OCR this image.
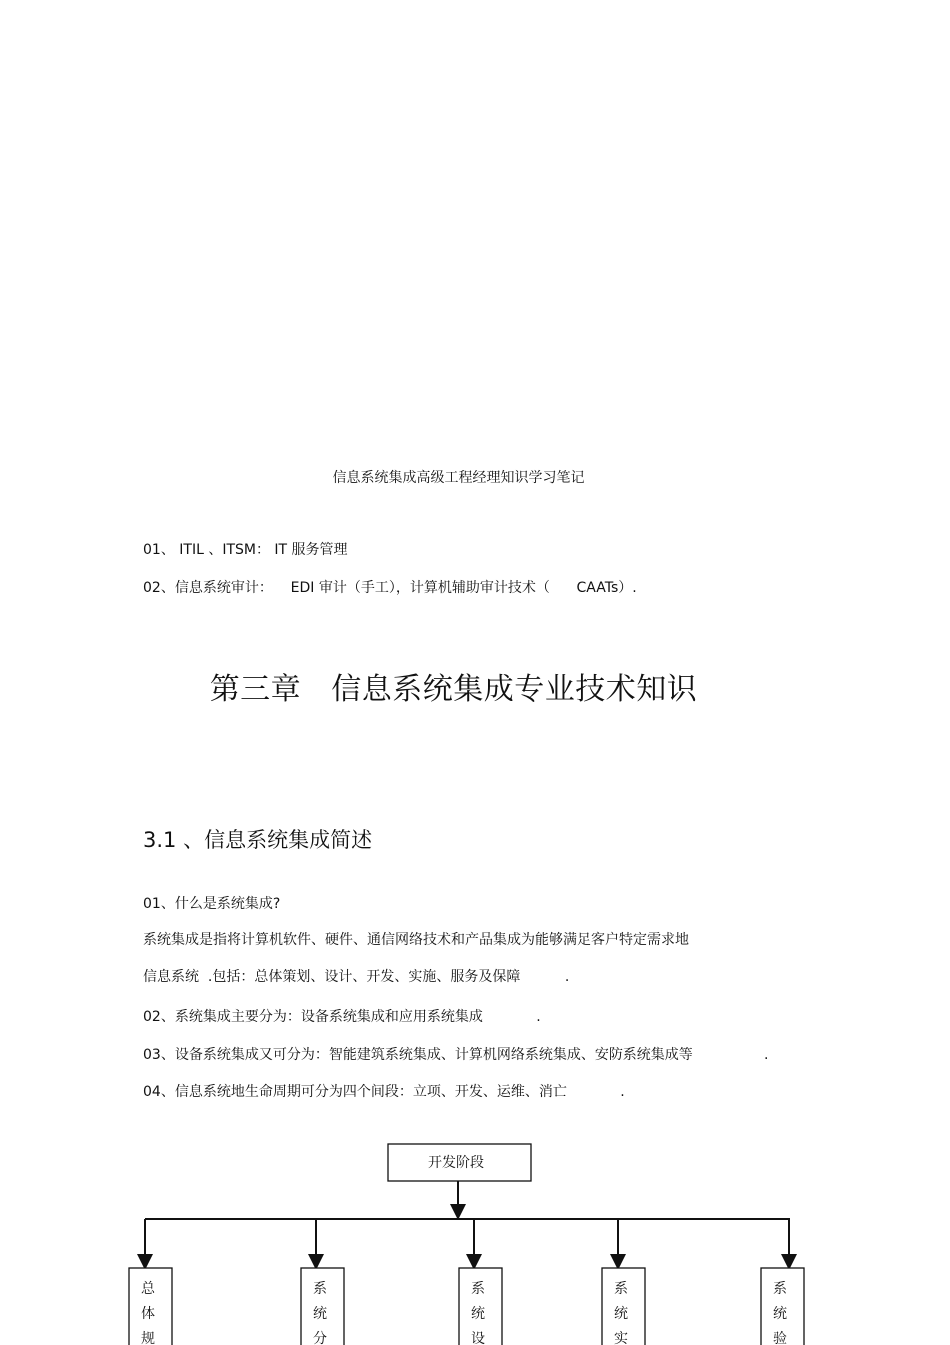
信息系统集成高级工程经理知识学习笔记
01、 ITIL 、ITSM： IT 服务管理
02、信息系统审计：    EDI 审计（手工），计算机辅助审计技术（      CAATs）.
第三章   信息系统集成专业技术知识
3.1 、信息系统集成简述
01、什么是系统集成?
系统集成是指将计算机软件、硬件、通信网络技术和产品集成为能够满足客户特定需求地
信息系统  .包括：总体策划、设计、开发、实施、服务及保障          .
02、系统集成主要分为：设备系统集成和应用系统集成            .
03、设备系统集成又可分为：智能建筑系统集成、计算机网络系统集成、安防系统集成等                .
04、信息系统地生命周期可分为四个间段：立项、开发、运维、消亡            .
开发阶段
总
体
规
系
统
分
系
统
设
系
统
实
系
统
验
